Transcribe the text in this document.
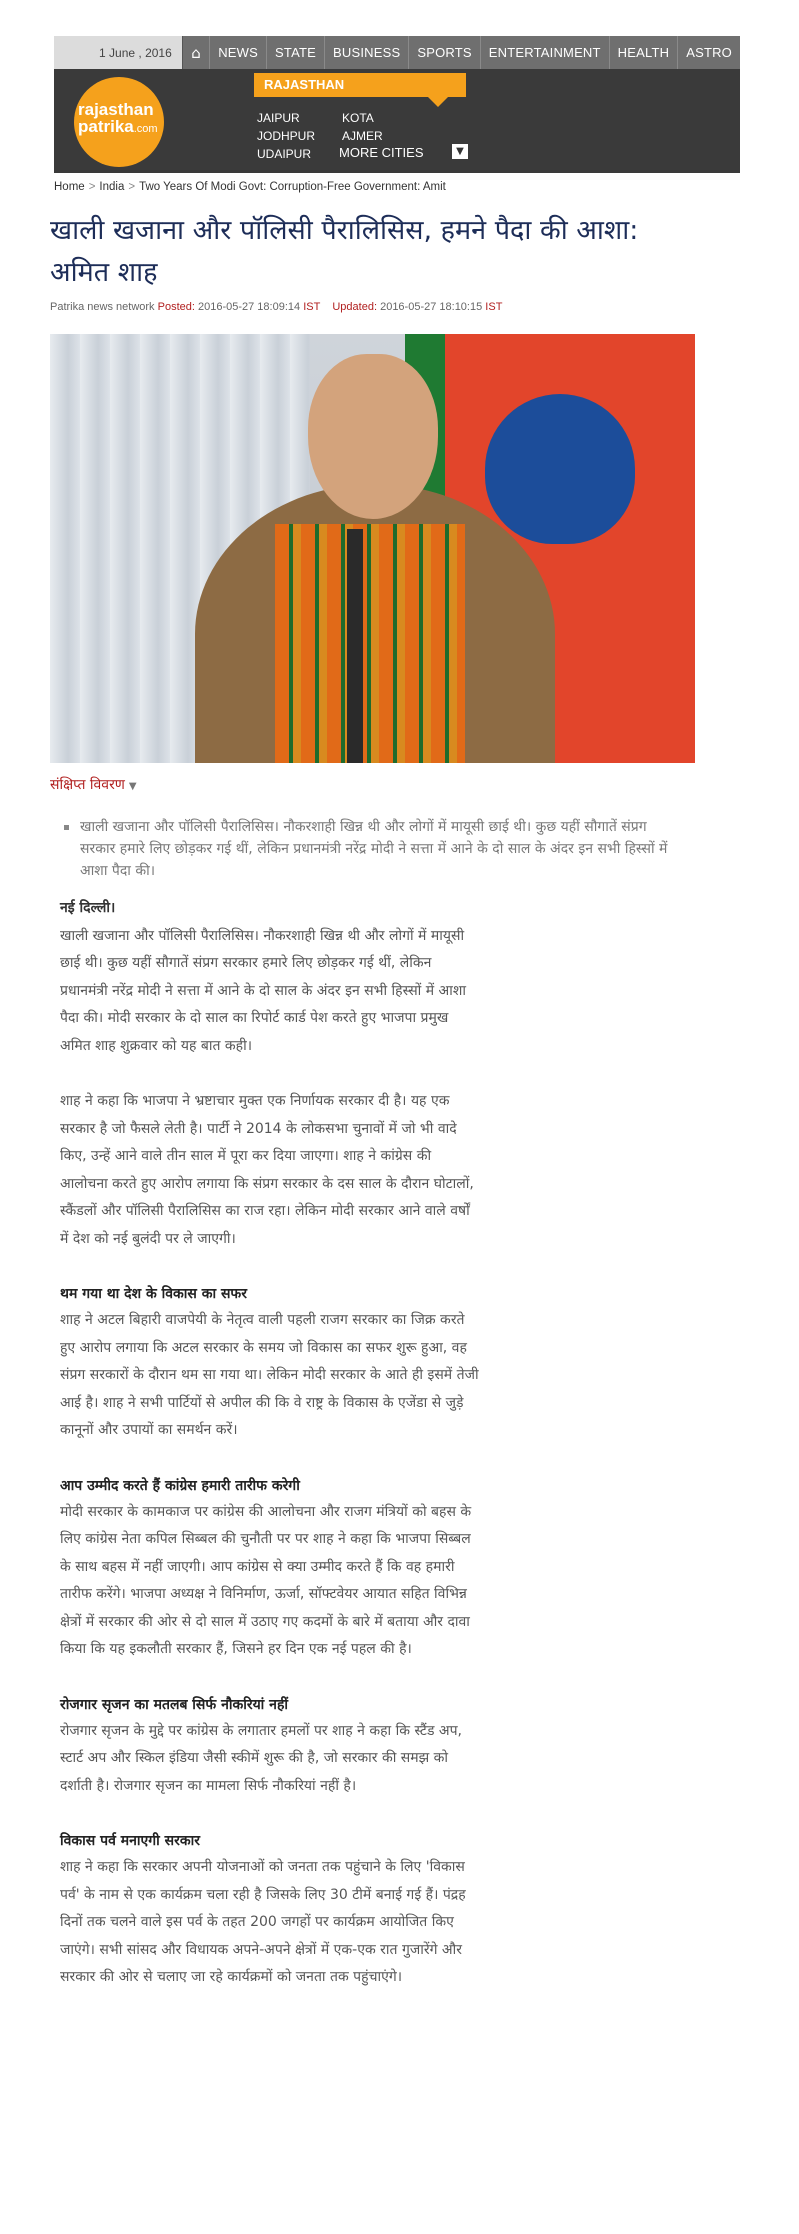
1 June , 2016	⌂	NEWS	STATE	BUSINESS	SPORTS	ENTERTAINMENT	HEALTH	ASTRO
rajasthan
patrika.com
RAJASTHAN
JAIPUR	KOTA
JODHPUR AJMER
UDAIPUR MORE CITIES	▼
Home > India > Two Years Of Modi Govt: Corruption-Free Government: Amit
खाली खजाना और पॉलिसी पैरालिसिस, हमने पैदा की आशा: अमित शाह
Patrika news network Posted: 2016-05-27 18:09:14 IST Updated: 2016-05-27 18:10:15 IST
संक्षिप्त विवरण ▼
खाली खजाना और पॉलिसी पैरालिसिस। नौकरशाही खिन्न थी और लोगों में मायूसी छाई थी। कुछ यहीं सौगातें संप्रग सरकार हमारे लिए छोड़कर गई थीं, लेकिन प्रधानमंत्री नरेंद्र मोदी ने सत्ता में आने के दो साल के अंदर इन सभी हिस्सों में आशा पैदा की।

नई दिल्ली।

खाली खजाना और पॉलिसी पैरालिसिस। नौकरशाही खिन्न थी और लोगों में मायूसी छाई थी। कुछ यहीं सौगातें संप्रग सरकार हमारे लिए छोड़कर गई थीं, लेकिन प्रधानमंत्री नरेंद्र मोदी ने सत्ता में आने के दो साल के अंदर इन सभी हिस्सों में आशा पैदा की। मोदी सरकार के दो साल का रिपोर्ट कार्ड पेश करते हुए भाजपा प्रमुख अमित शाह शुक्रवार को यह बात कही।

शाह ने कहा कि भाजपा ने भ्रष्टाचार मुक्त एक निर्णायक सरकार दी है। यह एक सरकार है जो फैसले लेती है। पार्टी ने 2014 के लोकसभा चुनावों में जो भी वादे किए, उन्हें आने वाले तीन साल में पूरा कर दिया जाएगा। शाह ने कांग्रेस की आलोचना करते हुए आरोप लगाया कि संप्रग सरकार के दस साल के दौरान घोटालों, स्कैंडलों और पॉलिसी पैरालिसिस का राज रहा। लेकिन मोदी सरकार आने वाले वर्षों में देश को नई बुलंदी पर ले जाएगी।

थम गया था देश के विकास का सफर

शाह ने अटल बिहारी वाजपेयी के नेतृत्व वाली पहली राजग सरकार का जिक्र करते हुए आरोप लगाया कि अटल सरकार के समय जो विकास का सफर शुरू हुआ, वह संप्रग सरकारों के दौरान थम सा गया था। लेकिन मोदी सरकार के आते ही इसमें तेजी आई है। शाह ने सभी पार्टियों से अपील की कि वे राष्ट्र के विकास के एजेंडा से जुड़े कानूनों और उपायों का समर्थन करें।

आप उम्मीद करते हैं कांग्रेस हमारी तारीफ करेगी

मोदी सरकार के कामकाज पर कांग्रेस की आलोचना और राजग मंत्रियों को बहस के लिए कांग्रेस नेता कपिल सिब्बल की चुनौती पर पर शाह ने कहा कि भाजपा सिब्बल के साथ बहस में नहीं जाएगी। आप कांग्रेस से क्या उम्मीद करते हैं कि वह हमारी तारीफ करेंगे। भाजपा अध्यक्ष ने विनिर्माण, ऊर्जा, सॉफ्टवेयर आयात सहित विभिन्न क्षेत्रों में सरकार की ओर से दो साल में उठाए गए कदमों के बारे में बताया और दावा किया कि यह इकलौती सरकार हैं, जिसने हर दिन एक नई पहल की है।

रोजगार सृजन का मतलब सिर्फ नौकरियां नहीं

रोजगार सृजन के मुद्दे पर कांग्रेस के लगातार हमलों पर शाह ने कहा कि स्टैंड अप, स्टार्ट अप और स्किल इंडिया जैसी स्कीमें शुरू की है, जो सरकार की समझ को दर्शाती है। रोजगार सृजन का मामला सिर्फ नौकरियां नहीं है।

विकास पर्व मनाएगी सरकार

शाह ने कहा कि सरकार अपनी योजनाओं को जनता तक पहुंचाने के लिए 'विकास पर्व' के नाम से एक कार्यक्रम चला रही है जिसके लिए 30 टीमें बनाई गई हैं। पंद्रह दिनों तक चलने वाले इस पर्व के तहत 200 जगहों पर कार्यक्रम आयोजित किए जाएंगे। सभी सांसद और विधायक अपने-अपने क्षेत्रों में एक-एक रात गुजारेंगे और सरकार की ओर से चलाए जा रहे कार्यक्रमों को जनता तक पहुंचाएंगे।
